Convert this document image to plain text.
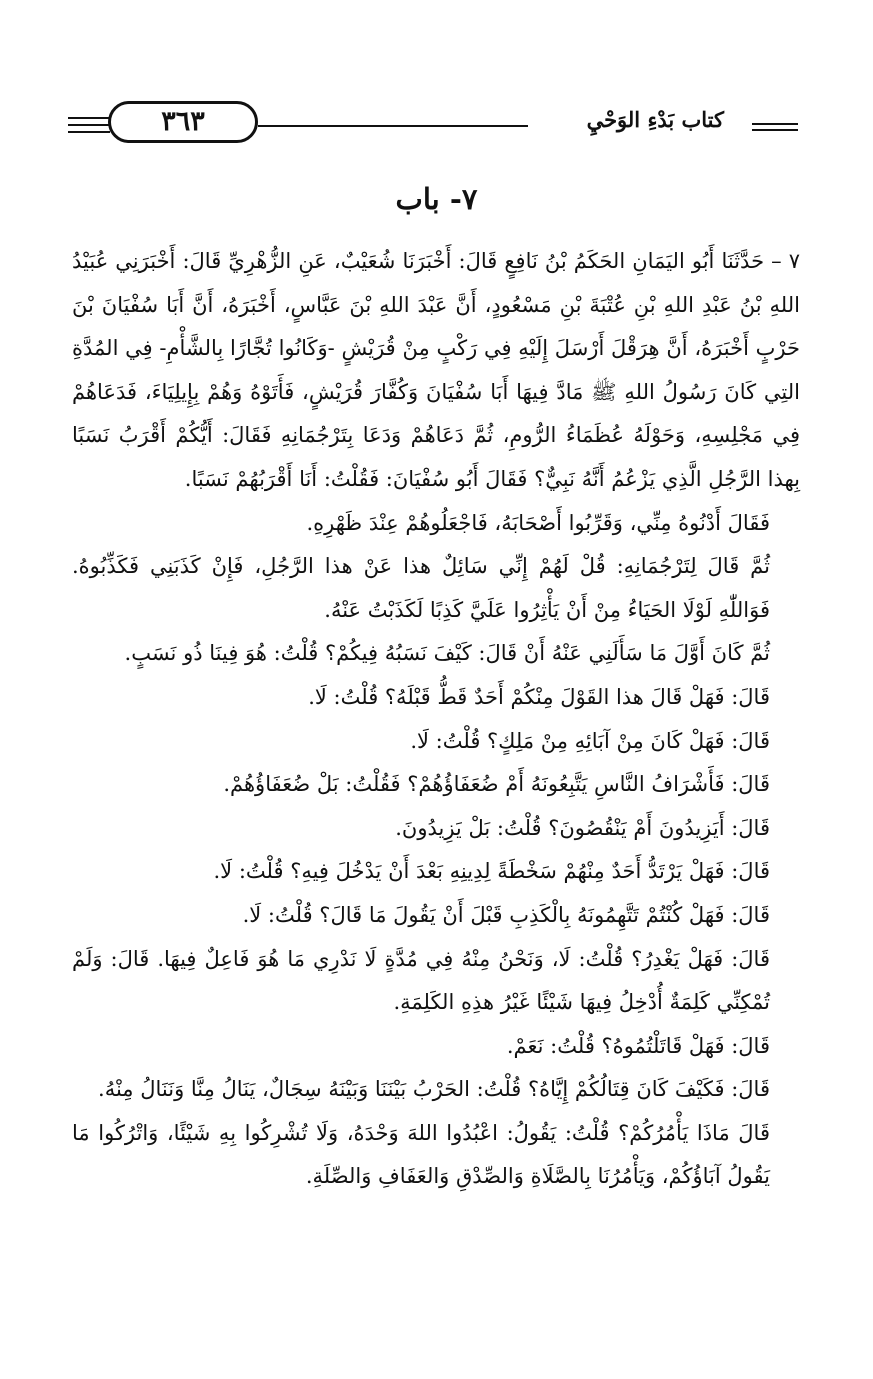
كتاب بَدْءِ الوَحْيِ
٣٦٣
٧- باب

٧ – حَدَّثَنَا أَبُو اليَمَانِ الحَكَمُ بْنُ نَافِعٍ قَالَ: أَخْبَرَنَا شُعَيْبٌ، عَنِ الزُّهْرِيِّ قَالَ: أَخْبَرَنِي عُبَيْدُ اللهِ بْنُ عَبْدِ اللهِ بْنِ عُتْبَةَ بْنِ مَسْعُودٍ، أَنَّ عَبْدَ اللهِ بْنَ عَبَّاسٍ، أَخْبَرَهُ، أَنَّ أَبَا سُفْيَانَ بْنَ حَرْبٍ أَخْبَرَهُ، أَنَّ هِرَقْلَ أَرْسَلَ إِلَيْهِ فِي رَكْبٍ مِنْ قُرَيْشٍ -وَكَانُوا تُجَّارًا بِالشَّأْمِ- فِي المُدَّةِ التِي كَانَ رَسُولُ اللهِ ﷺ مَادَّ فِيهَا أَبَا سُفْيَانَ وَكُفَّارَ قُرَيْشٍ، فَأَتَوْهُ وَهُمْ بِإِيلِيَاءَ، فَدَعَاهُمْ فِي مَجْلِسِهِ، وَحَوْلَهُ عُظَمَاءُ الرُّومِ، ثُمَّ دَعَاهُمْ وَدَعَا بِتَرْجُمَانِهِ فَقَالَ: أَيُّكُمْ أَقْرَبُ نَسَبًا بِهذا الرَّجُلِ الَّذِي يَزْعُمُ أَنَّهُ نَبِيٌّ؟ فَقَالَ أَبُو سُفْيَانَ: فَقُلْتُ: أَنَا أَقْرَبُهُمْ نَسَبًا.

فَقَالَ أَدْنُوهُ مِنِّي، وَقَرِّبُوا أَصْحَابَهُ، فَاجْعَلُوهُمْ عِنْدَ ظَهْرِهِ.

ثُمَّ قَالَ لِتَرْجُمَانِهِ: قُلْ لَهُمْ إِنِّي سَائِلٌ هذا عَنْ هذا الرَّجُلِ، فَإِنْ كَذَبَنِي فَكَذِّبُوهُ. فَوَاللّٰهِ لَوْلَا الحَيَاءُ مِنْ أَنْ يَأْثِرُوا عَلَيَّ كَذِبًا لَكَذَبْتُ عَنْهُ.

ثُمَّ كَانَ أَوَّلَ مَا سَأَلَنِي عَنْهُ أَنْ قَالَ: كَيْفَ نَسَبُهُ فِيكُمْ؟ قُلْتُ: هُوَ فِينَا ذُو نَسَبٍ.

قَالَ: فَهَلْ قَالَ هذا القَوْلَ مِنْكُمْ أَحَدٌ قَطُّ قَبْلَهُ؟ قُلْتُ: لَا.

قَالَ: فَهَلْ كَانَ مِنْ آبَائِهِ مِنْ مَلِكٍ؟ قُلْتُ: لَا.

قَالَ: فَأَشْرَافُ النَّاسِ يَتَّبِعُونَهُ أَمْ ضُعَفَاؤُهُمْ؟ فَقُلْتُ: بَلْ ضُعَفَاؤُهُمْ.

قَالَ: أَيَزِيدُونَ أَمْ يَنْقُصُونَ؟ قُلْتُ: بَلْ يَزِيدُونَ.

قَالَ: فَهَلْ يَرْتَدُّ أَحَدٌ مِنْهُمْ سَخْطَةً لِدِينِهِ بَعْدَ أَنْ يَدْخُلَ فِيهِ؟ قُلْتُ: لَا.

قَالَ: فَهَلْ كُنْتُمْ تَتَّهِمُونَهُ بِالْكَذِبِ قَبْلَ أَنْ يَقُولَ مَا قَالَ؟ قُلْتُ: لَا.

قَالَ: فَهَلْ يَغْدِرُ؟ قُلْتُ: لَا، وَنَحْنُ مِنْهُ فِي مُدَّةٍ لَا نَدْرِي مَا هُوَ فَاعِلٌ فِيهَا. قَالَ: وَلَمْ تُمْكِنِّي كَلِمَةٌ أُدْخِلُ فِيهَا شَيْئًا غَيْرُ هذِهِ الكَلِمَةِ.

قَالَ: فَهَلْ قَاتَلْتُمُوهُ؟ قُلْتُ: نَعَمْ.

قَالَ: فَكَيْفَ كَانَ قِتَالُكُمْ إِيَّاهُ؟ قُلْتُ: الحَرْبُ بَيْنَنَا وَبَيْنَهُ سِجَالٌ، يَنَالُ مِنَّا وَنَنَالُ مِنْهُ.

قَالَ مَاذَا يَأْمُرُكُمْ؟ قُلْتُ: يَقُولُ: اعْبُدُوا اللهَ وَحْدَهُ، وَلَا تُشْرِكُوا بِهِ شَيْئًا، وَاتْرُكُوا مَا يَقُولُ آبَاؤُكُمْ، وَيَأْمُرُنَا بِالصَّلَاةِ وَالصِّدْقِ وَالعَفَافِ وَالصِّلَةِ.
